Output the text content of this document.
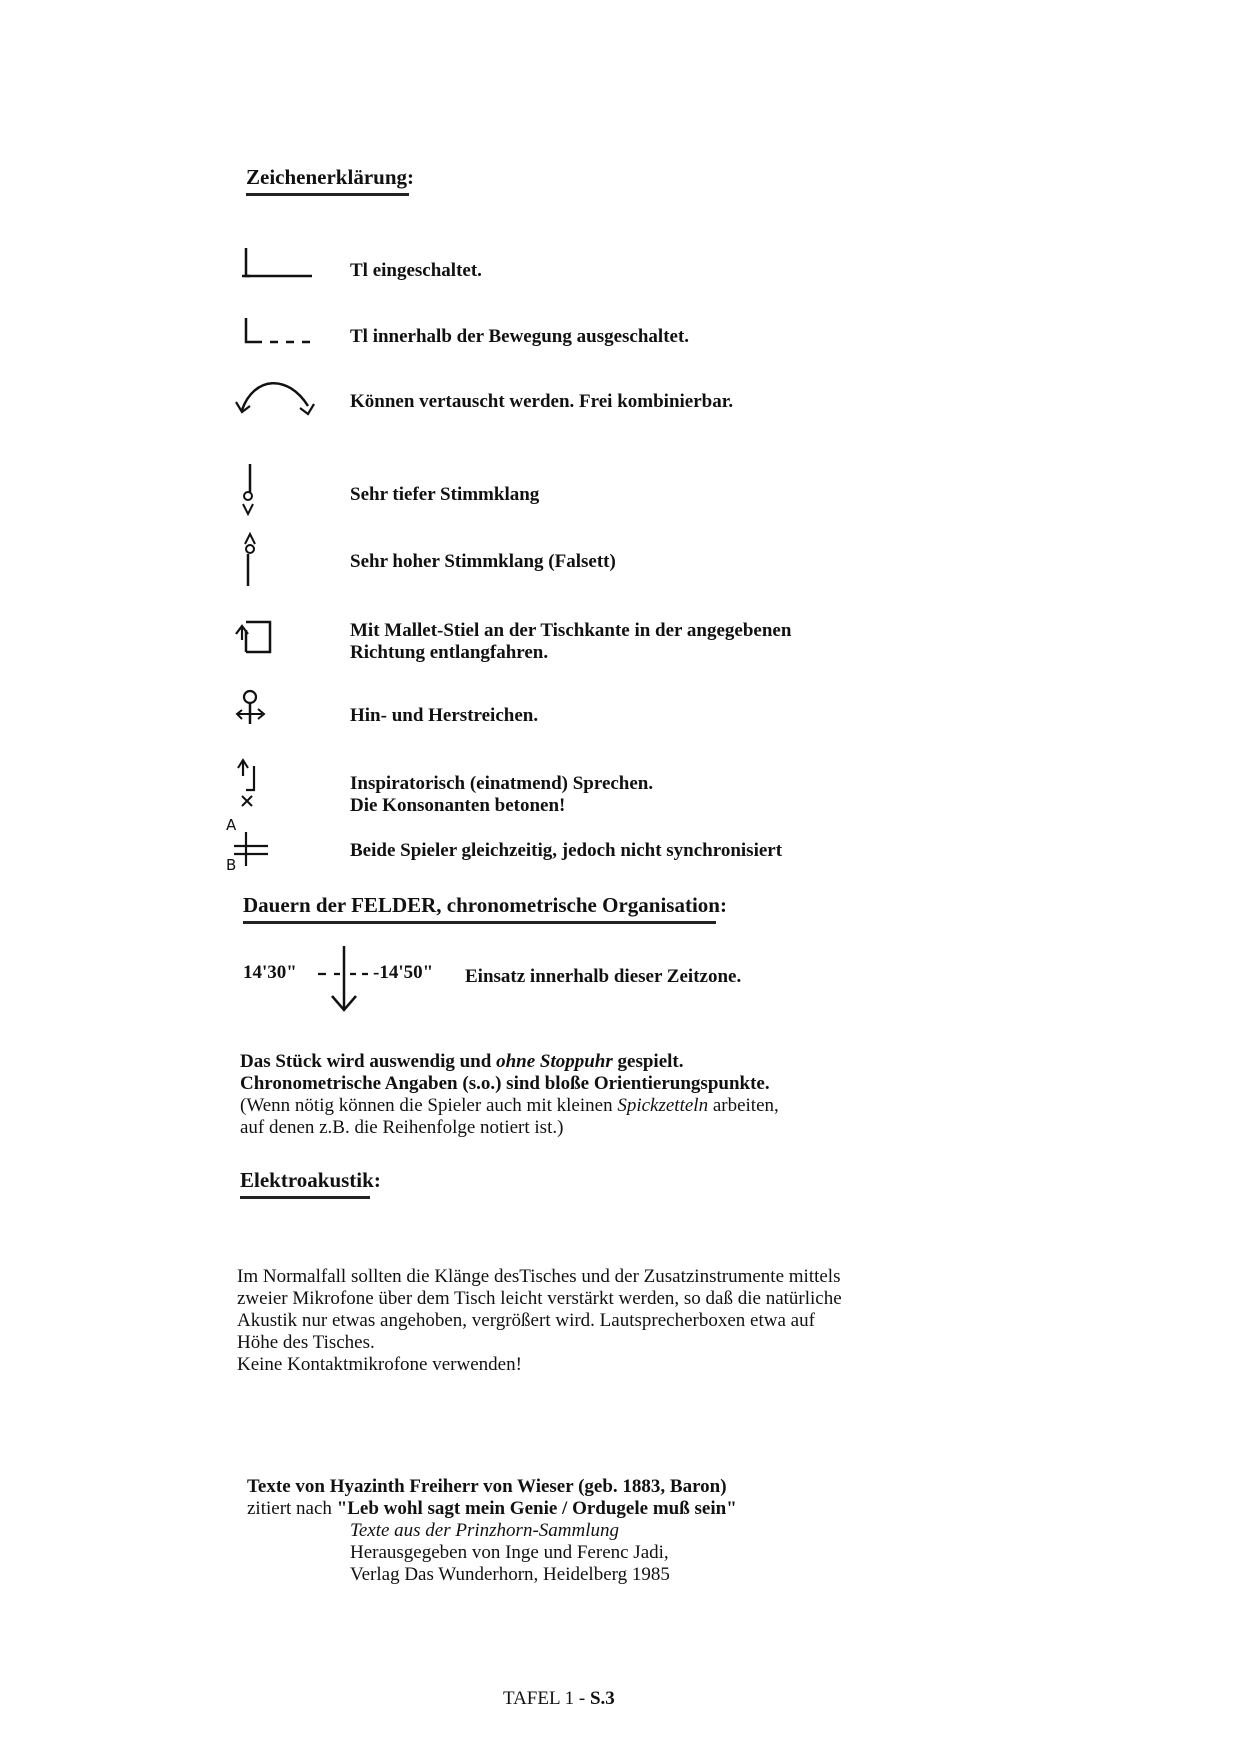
Zeichenerklärung:
Tl eingeschaltet.
Tl innerhalb der Bewegung ausgeschaltet.
Können vertauscht werden. Frei kombinierbar.
Sehr tiefer Stimmklang
Sehr hoher Stimmklang (Falsett)
Mit Mallet-Stiel an der Tischkante in der angegebenen
Richtung entlangfahren.
Hin- und Herstreichen.
Inspiratorisch (einatmend) Sprechen.
Die Konsonanten betonen!
A
B
Beide Spieler gleichzeitig, jedoch nicht synchronisiert
Dauern der FELDER, chronometrische Organisation:
14'30"	-14'50" Einsatz innerhalb dieser Zeitzone.
Das Stück wird auswendig und ohne Stoppuhr gespielt.
Chronometrische Angaben (s.o.) sind bloße Orientierungspunkte.
(Wenn nötig können die Spieler auch mit kleinen Spickzetteln arbeiten,
auf denen z.B. die Reihenfolge notiert ist.)
Elektroakustik:
Im Normalfall sollten die Klänge desTisches und der Zusatzinstrumente mittels
zweier Mikrofone über dem Tisch leicht verstärkt werden, so daß die natürliche
Akustik nur etwas angehoben, vergrößert wird. Lautsprecherboxen etwa auf
Höhe des Tisches.
Keine Kontaktmikrofone verwenden!
Texte von Hyazinth Freiherr von Wieser (geb. 1883, Baron)
zitiert nach "Leb wohl sagt mein Genie / Ordugele muß sein"
Texte aus der Prinzhorn-Sammlung
Herausgegeben von Inge und Ferenc Jadi,
Verlag Das Wunderhorn, Heidelberg 1985
TAFEL 1 - S.3
